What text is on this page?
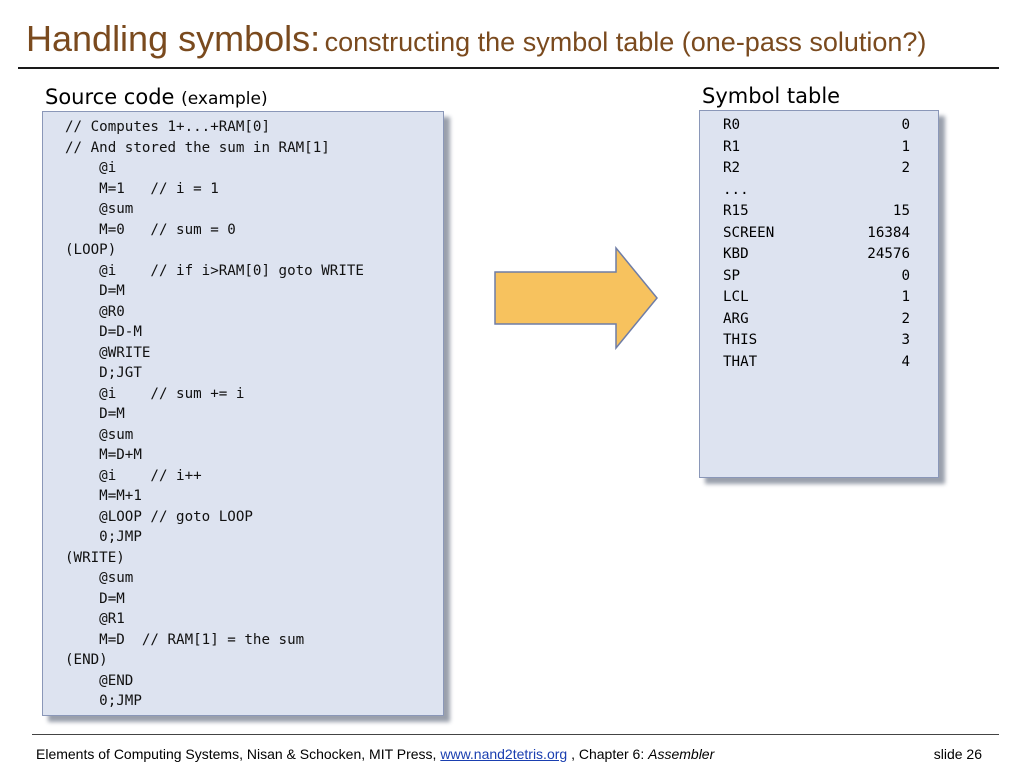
Handling symbols: constructing the symbol table (one-pass solution?)
Source code (example)
// Computes 1+...+RAM[0]
// And stored the sum in RAM[1]
@i
M=1   // i = 1
@sum
M=0   // sum = 0
(LOOP)
@i    // if i>RAM[0] goto WRITE
D=M
@R0
D=D-M
@WRITE
D;JGT
@i    // sum += i
D=M
@sum
M=D+M
@i    // i++
M=M+1
@LOOP // goto LOOP
0;JMP
(WRITE)
@sum
D=M
@R1
M=D  // RAM[1] = the sum
(END)
@END
0;JMP
Symbol table
R0	0
R1	1
R2	2
...
R15	15
SCREEN	16384
KBD	24576
SP	0
LCL	1
ARG	2
THIS	3
THAT	4
Elements of Computing Systems, Nisan & Schocken, MIT Press, www.nand2tetris.org , Chapter 6: Assembler	slide 26
